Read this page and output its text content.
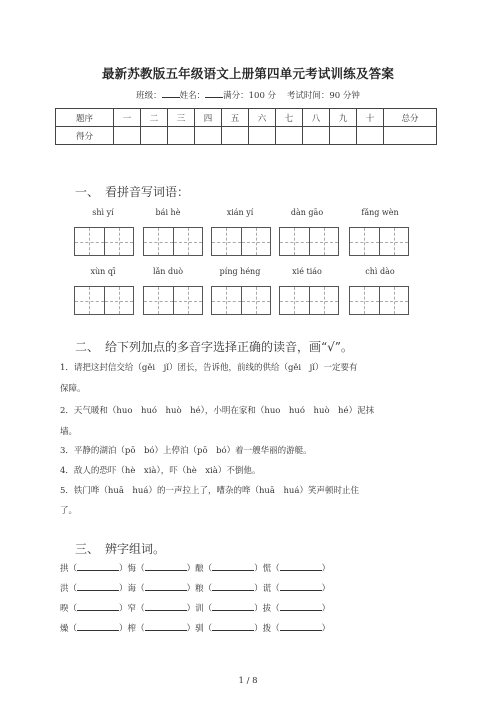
最新苏教版五年级语文上册第四单元考试训练及答案
班级： 姓名： 满分：100 分 考试时间：90 分钟
题序	一	二	三	四	五	六	七	八	九	十	总分
得分											
一、　看拼音写词语：
shì yí	bái hè	xián yí	dàn gāo	fǎng wèn
xùn qī	lǎn duò	píng héng	xié tiáo	chì dào
二、　给下列加点的多音字选择正确的读音，画“√”。
1．请把这封信交给（gěi　jǐ）团长，告诉他，前线的供给（gěi　jǐ）一定要有
保障。
2．天气暖和（huo　huó　huò　hé），小明在家和（huo　huó　huò　hé）泥抹
墙。
3．平静的湖泊（pō　bó）上停泊（pō　bó）着一艘华丽的游艇。
4．敌人的恐吓（hè　xià），吓（hè　xià）不倒他。
5．铁门哗（huā　huá）的一声拉上了，嘈杂的哗（huā　huá）笑声顿时止住
了。
三、　辨字组词。
拱（	）悔（	）酿（	）慌（	）
洪（	）诲（	）粮（	）谎（	）
暌（	）窄（	）训（	）拔（	）
燥（	）榨（	）驯（	）拨（	）
1 / 8
